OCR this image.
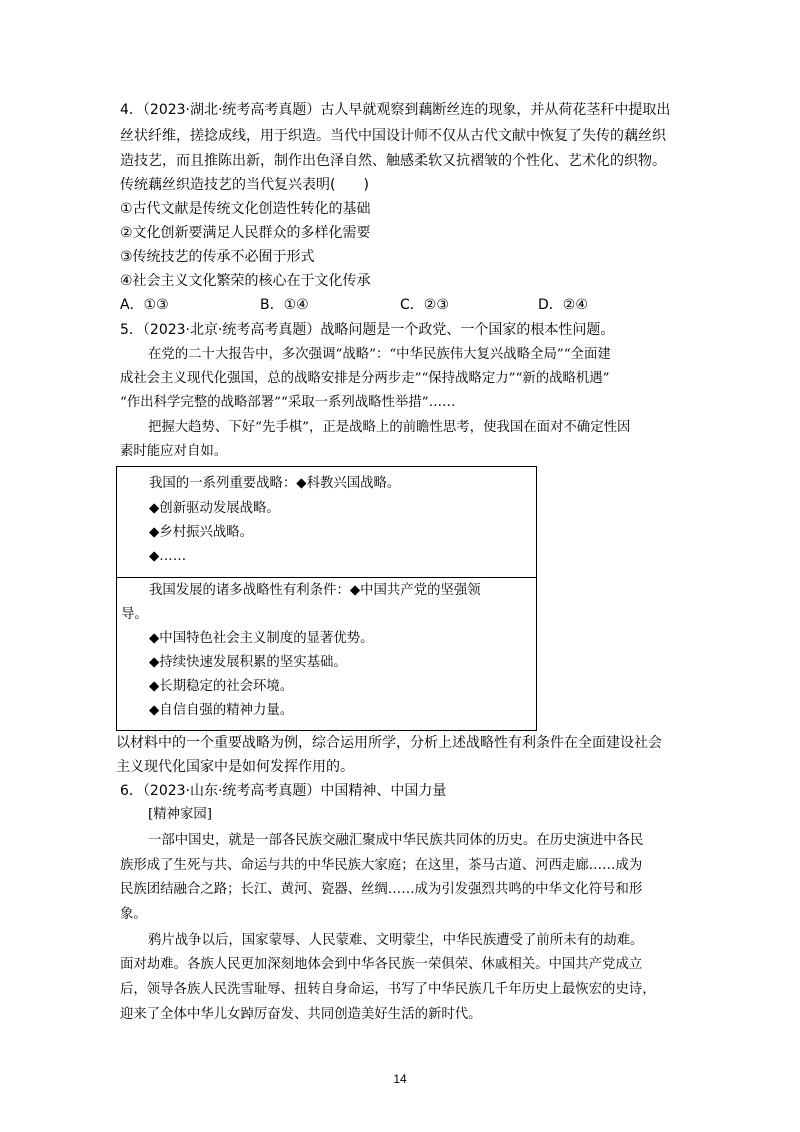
4．（2023·湖北·统考高考真题）古人早就观察到藕断丝连的现象，并从荷花茎秆中提取出
丝状纤维，搓捻成线，用于织造。当代中国设计师不仅从古代文献中恢复了失传的藕丝织
造技艺，而且推陈出新，制作出色泽自然、触感柔软又抗褶皱的个性化、艺术化的织物。
传统藕丝织造技艺的当代复兴表明(　　)
①古代文献是传统文化创造性转化的基础
②文化创新要满足人民群众的多样化需要
③传统技艺的传承不必囿于形式
④社会主义文化繁荣的核心在于文化传承
A．①③	B．①④	C．②③	D．②④
5．（2023·北京·统考高考真题）战略问题是一个政党、一个国家的根本性问题。
在党的二十大报告中，多次强调“战略”：“中华民族伟大复兴战略全局”“全面建
成社会主义现代化强国，总的战略安排是分两步走”“保持战略定力”“新的战略机遇”
“作出科学完整的战略部署”“采取一系列战略性举措”……
把握大趋势、下好“先手棋”，正是战略上的前瞻性思考，使我国在面对不确定性因
素时能应对自如。
我国的一系列重要战略：◆科教兴国战略。
◆创新驱动发展战略。
◆乡村振兴战略。
◆……
我国发展的诸多战略性有利条件：◆中国共产党的坚强领
导。
◆中国特色社会主义制度的显著优势。
◆持续快速发展积累的坚实基础。
◆长期稳定的社会环境。
◆自信自强的精神力量。
以材料中的一个重要战略为例，综合运用所学，分析上述战略性有利条件在全面建设社会
主义现代化国家中是如何发挥作用的。
6．（2023·山东·统考高考真题）中国精神、中国力量
[精神家园]
一部中国史，就是一部各民族交融汇聚成中华民族共同体的历史。在历史演进中各民
族形成了生死与共、命运与共的中华民族大家庭；在这里，茶马古道、河西走廊……成为
民族团结融合之路；长江、黄河、瓷器、丝绸……成为引发强烈共鸣的中华文化符号和形
象。
鸦片战争以后，国家蒙辱、人民蒙难、文明蒙尘，中华民族遭受了前所未有的劫难。
面对劫难。各族人民更加深刻地体会到中华各民族一荣俱荣、休戚相关。中国共产党成立
后，领导各族人民洗雪耻辱、扭转自身命运，书写了中华民族几千年历史上最恢宏的史诗，
迎来了全体中华儿女踔厉奋发、共同创造美好生活的新时代。
14
